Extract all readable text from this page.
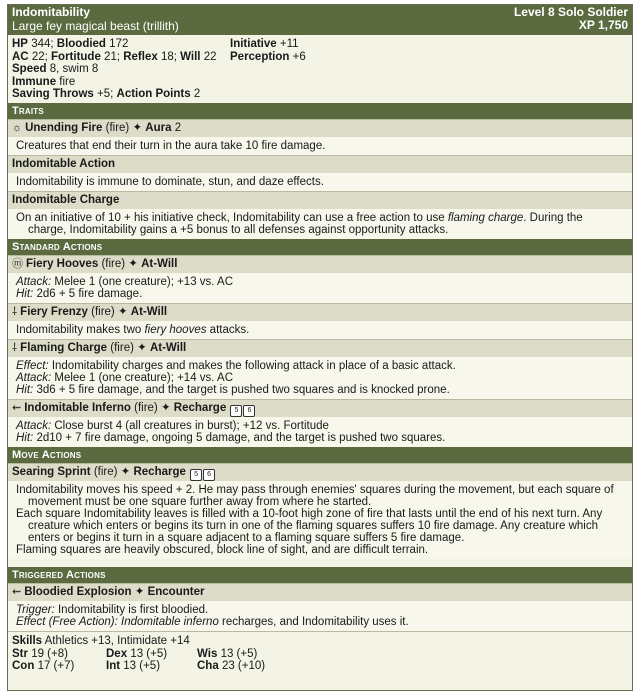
Indomitability
Large fey magical beast (trillith)
Level 8 Solo Soldier
XP 1,750
HP 344; Bloodied 172
AC 22; Fortitude 21; Reflex 18; Will 22
Speed 8, swim 8
Immune fire
Saving Throws +5; Action Points 2
Initiative +11
Perception +6
Traits
☼ Unending Fire (fire) ✦ Aura 2
Creatures that end their turn in the aura take 10 fire damage.
Indomitable Action
Indomitability is immune to dominate, stun, and daze effects.
Indomitable Charge

On an initiative of 10 + his initiative check, Indomitability can use a free action to use flaming charge. During the charge, Indomitability gains a +5 bonus to all defenses against opportunity attacks.

Standard Actions
ⓜ Fiery Hooves (fire) ✦ At-Will
Attack: Melee 1 (one creature); +13 vs. AC
Hit: 2d6 + 5 fire damage.
⸸ Fiery Frenzy (fire) ✦ At-Will
Indomitability makes two fiery hooves attacks.
⸸ Flaming Charge (fire) ✦ At-Will
Effect: Indomitability charges and makes the following attack in place of a basic attack.
Attack: Melee 1 (one creature); +14 vs. AC
Hit: 3d6 + 5 fire damage, and the target is pushed two squares and is knocked prone.
⇜ Indomitable Inferno (fire) ✦ Recharge 5 6
Attack: Close burst 4 (all creatures in burst); +12 vs. Fortitude
Hit: 2d10 + 7 fire damage, ongoing 5 damage, and the target is pushed two squares.
Move Actions
Searing Sprint (fire) ✦ Recharge 5 6

Indomitability moves his speed + 2. He may pass through enemies' squares during the movement, but each square of movement must be one square further away from where he started.

Each square Indomitability leaves is filled with a 10-foot high zone of fire that lasts until the end of his next turn. Any creature which enters or begins its turn in one of the flaming squares suffers 10 fire damage. Any creature which enters or begins it turn in a square adjacent to a flaming square suffers 5 fire damage.

Flaming squares are heavily obscured, block line of sight, and are difficult terrain.

Triggered Actions
⇜ Bloodied Explosion ✦ Encounter
Trigger: Indomitability is first bloodied.
Effect (Free Action): Indomitable inferno recharges, and Indomitability uses it.
Skills Athletics +13, Intimidate +14
Str 19 (+8)	Dex 13 (+5)	Wis 13 (+5)
Con 17 (+7)	Int 13 (+5)	Cha 23 (+10)
